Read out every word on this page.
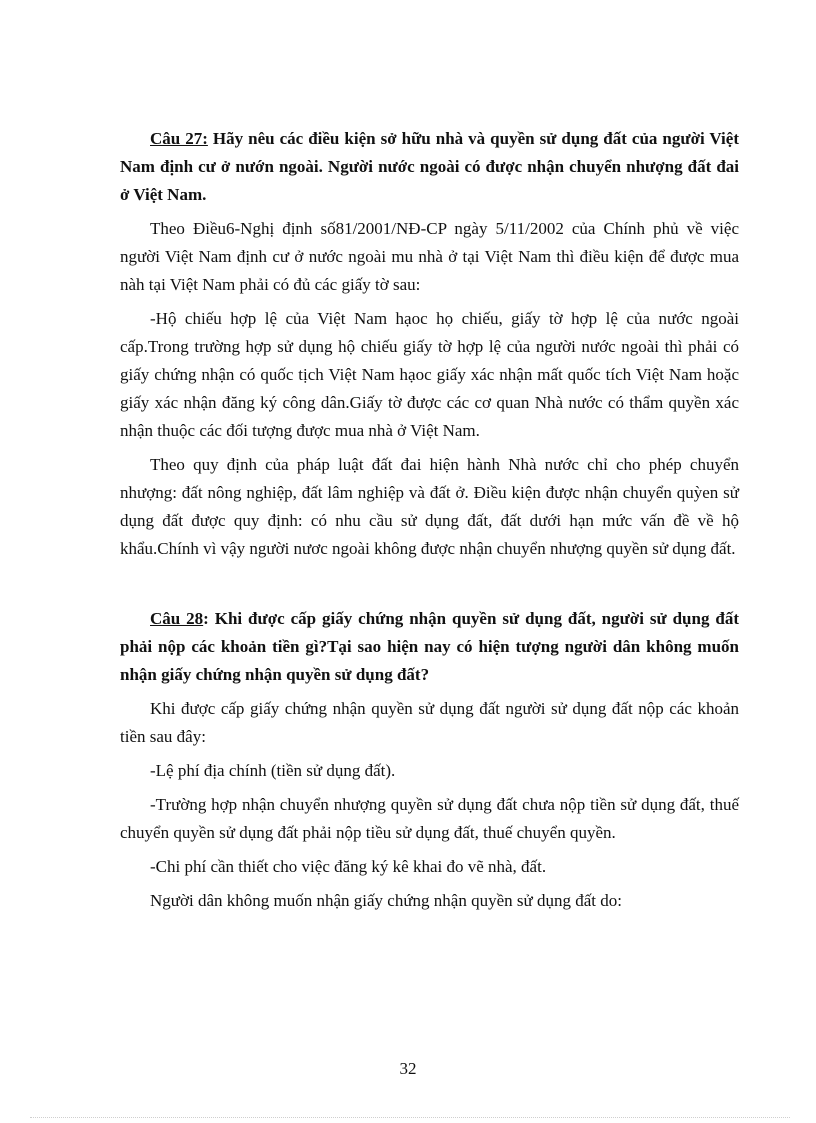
Câu 27: Hãy nêu các điều kiện sở hữu nhà và quyền sử dụng đất của người Việt Nam định cư ở nướn ngoài. Người nước ngoài có được nhận chuyển nhượng đất đai ở Việt Nam.

Theo Điều6-Nghị định số81/2001/NĐ-CP ngày 5/11/2002 của Chính phủ về việc người Việt Nam định cư ở nước ngoài mu nhà ở tại Việt Nam thì điều kiện để được mua nàh tại Việt Nam phải có đủ các giấy tờ sau:

-Hộ chiếu hợp lệ của Việt Nam hạoc họ chiếu, giấy tờ hợp lệ của nước ngoài cấp.Trong trường hợp sử dụng hộ chiếu giấy tờ hợp lệ của người nước ngoài thì phải có giấy chứng nhận có quốc tịch Việt Nam hạoc giấy xác nhận mất quốc tích Việt Nam hoặc giấy xác nhận đăng ký công dân.Giấy tờ được các cơ quan Nhà nước có thẩm quyền xác nhận thuộc các đối tượng được mua nhà ở Việt Nam.

Theo quy định của pháp luật đất đai hiện hành Nhà nước chỉ cho phép chuyển nhượng: đất nông nghiệp, đất lâm nghiệp và đất ở. Điều kiện được nhận chuyển quỳen sử dụng đất được quy định: có nhu cầu sử dụng đất, đất dưới hạn mức vấn đề về hộ khẩu.Chính vì vậy người nươc ngoài không được nhận chuyển nhượng quyền sử dụng đất.

Câu 28: Khi được cấp giấy chứng nhận quyền sử dụng đất, người sử dụng đất phải nộp các khoản tiền gì?Tại sao hiện nay có hiện tượng người dân không muốn nhận giấy chứng nhận quyền sử dụng đất?

Khi được cấp giấy chứng nhận quyền sử dụng đất người sử dụng đất nộp các khoản tiền sau đây:

-Lệ phí địa chính (tiền sử dụng đất).

-Trường hợp nhận chuyển nhượng quyền sử dụng đất chưa nộp tiền sử dụng đất, thuế chuyển quyền sử dụng đất phải nộp tiều sử dụng đất, thuế chuyển quyền.

-Chi phí cần thiết cho việc đăng ký kê khai đo vẽ nhà, đất.

Người dân không muốn nhận giấy chứng nhận quyền sử dụng đất do:

32
